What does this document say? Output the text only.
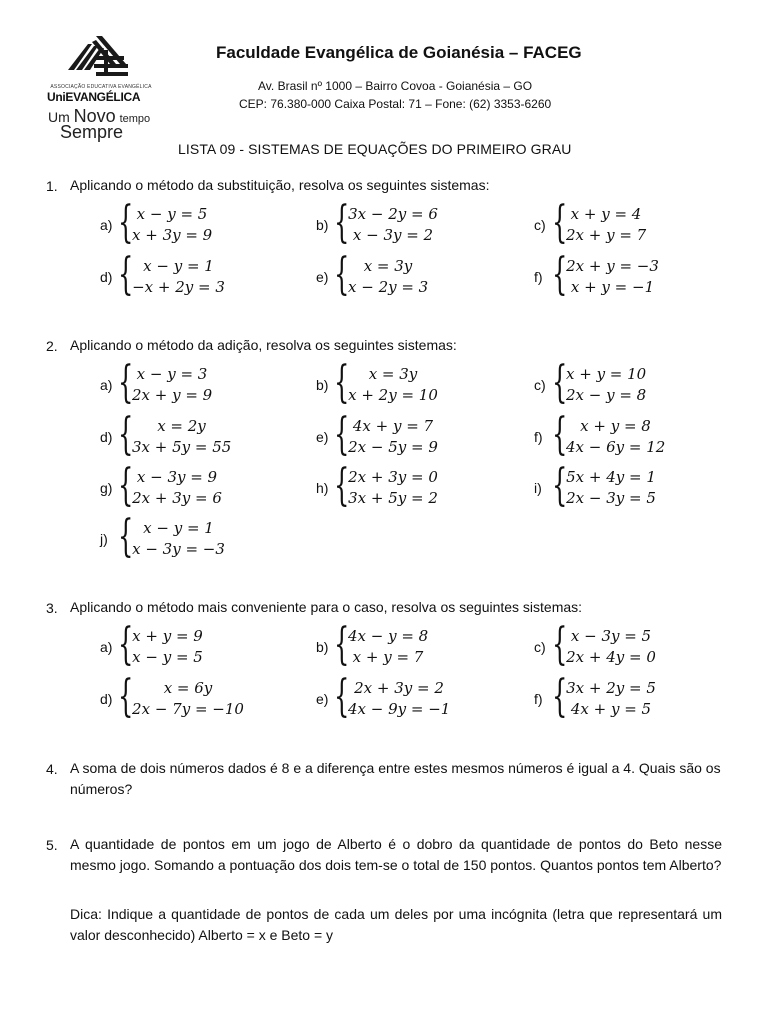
ASSOCIAÇÃO EDUCATIVA EVANGÉLICA
UniEVANGÉLICA
Um Novo tempo
Sempre
Faculdade Evangélica de Goianésia – FACEG
Av. Brasil nº 1000 – Bairro Covoa - Goianésia – GO
CEP: 76.380-000 Caixa Postal: 71 – Fone: (62) 3353-6260
LISTA 09 - SISTEMAS DE EQUAÇÕES DO PRIMEIRO GRAU
1. Aplicando o método da substituição, resolva os seguintes sistemas:
a) { x − y = 5
x + 3y = 9
b) {
3x − 2y = 6
x − 3y = 2
c) { x + y = 4
2x + y = 7
d) { x − y = 1
−x + 2y = 3
e) { x = 3y
x − 2y = 3
f) {
2x + y = −3
x + y = −1
2. Aplicando o método da adição, resolva os seguintes sistemas:
a) { x − y = 3
2x + y = 9
b) {	x = 3y
x + 2y = 10
c) {
x + y = 10
2x − y = 8
d) {	x = 2y
3x + 5y = 55
e) { 4x + y = 7
2x − 5y = 9
f) { x + y = 8
4x − 6y = 12
g) { x − 3y = 9
2x + 3y = 6
h) {
2x + 3y = 0
3x + 5y = 2
i) {
5x + 4y = 1
2x − 3y = 5
j) { x − y = 1
x − 3y = −3
3. Aplicando o método mais conveniente para o caso, resolva os seguintes sistemas:
a) {
x + y = 9
x − y = 5
b) {
4x − y = 8
x + y = 7
c) { x − 3y = 5
2x + 4y = 0
d) {	x = 6y
2x − 7y = −10
e) { 2x + 3y = 2
4x − 9y = −1
f) {
3x + 2y = 5
4x + y = 5
4. A soma de dois números dados é 8 e a diferença entre estes mesmos números é igual a 4. Quais são os números?
5. A quantidade de pontos em um jogo de Alberto é o dobro da quantidade de pontos do Beto nesse mesmo jogo. Somando a pontuação dos dois tem-se o total de 150 pontos. Quantos pontos tem Alberto?
Dica: Indique a quantidade de pontos de cada um deles por uma incógnita (letra que representará um valor desconhecido) Alberto = x e Beto = y
